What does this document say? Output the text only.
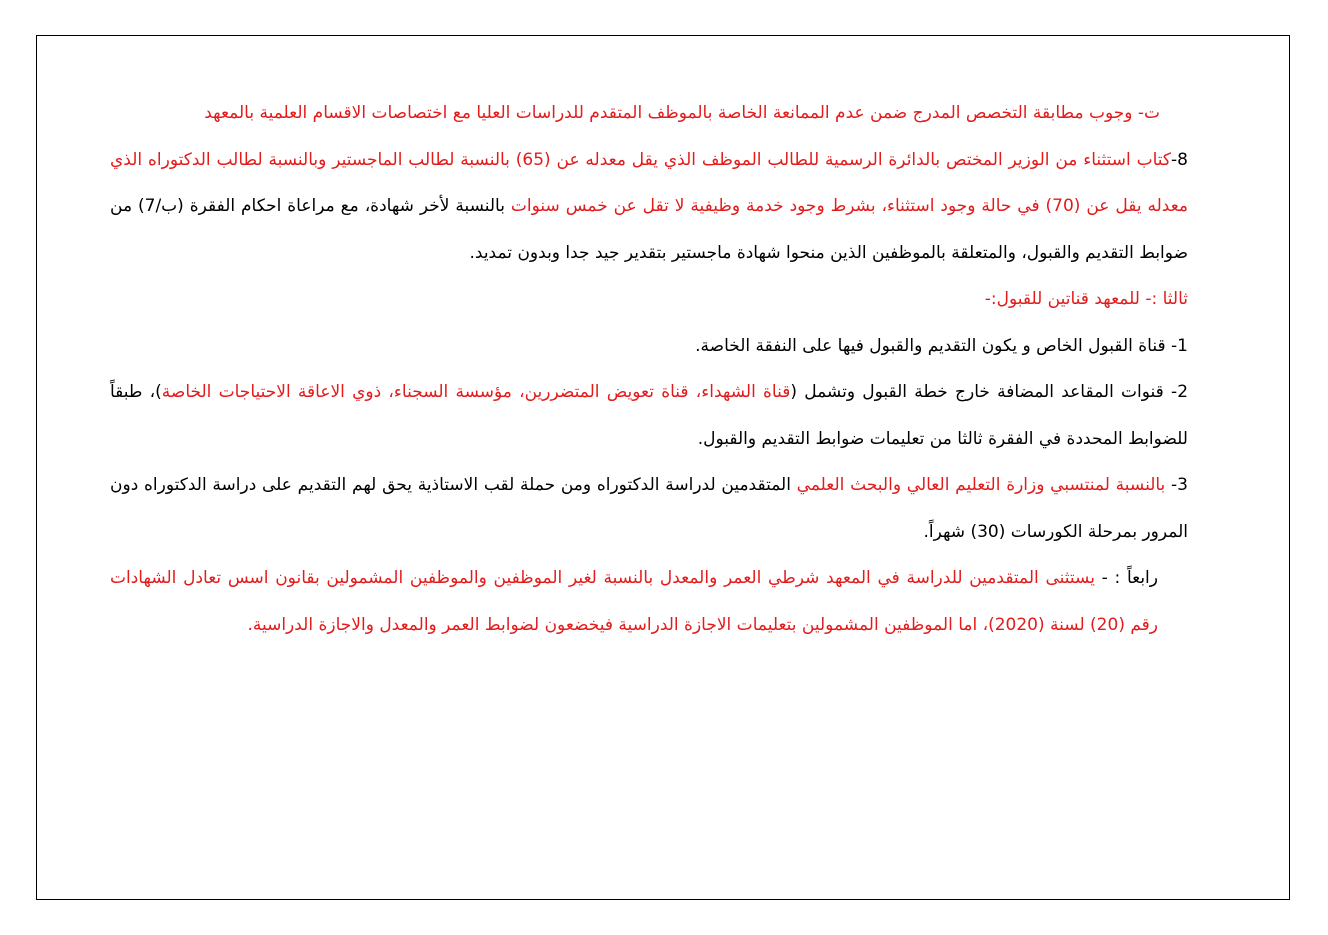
ت- وجوب مطابقة التخصص المدرج ضمن عدم الممانعة الخاصة بالموظف المتقدم للدراسات العليا مع اختصاصات الاقسام العلمية بالمعهد

8-كتاب استثناء من الوزير المختص بالدائرة الرسمية للطالب الموظف الذي يقل معدله عن (65) بالنسبة لطالب الماجستير وبالنسبة لطالب الدكتوراه الذي معدله يقل عن (70) في حالة وجود استثناء، بشرط وجود خدمة وظيفية لا تقل عن خمس سنوات بالنسبة لأخر شهادة، مع مراعاة احكام الفقرة (ب/7) من ضوابط التقديم والقبول، والمتعلقة بالموظفين الذين منحوا شهادة ماجستير بتقدير جيد جدا وبدون تمديد.

ثالثا :- للمعهد قناتين للقبول:-

1- قناة القبول الخاص و يكون التقديم والقبول فيها على النفقة الخاصة.

2- قنوات المقاعد المضافة خارج خطة القبول وتشمل (قناة الشهداء، قناة تعويض المتضررين، مؤسسة السجناء، ذوي الاعاقة الاحتياجات الخاصة)، طبقاً للضوابط المحددة في الفقرة ثالثا من تعليمات ضوابط التقديم والقبول.

3- بالنسبة لمنتسبي وزارة التعليم العالي والبحث العلمي المتقدمين لدراسة الدكتوراه ومن حملة لقب الاستاذية يحق لهم التقديم على دراسة الدكتوراه دون المرور بمرحلة الكورسات (30) شهراً.

رابعاً : - يستثنى المتقدمين للدراسة في المعهد شرطي العمر والمعدل بالنسبة لغير الموظفين والموظفين المشمولين بقانون اسس تعادل الشهادات رقم (20) لسنة (2020)، اما الموظفين المشمولين بتعليمات الاجازة الدراسية فيخضعون لضوابط العمر والمعدل والاجازة الدراسية.
